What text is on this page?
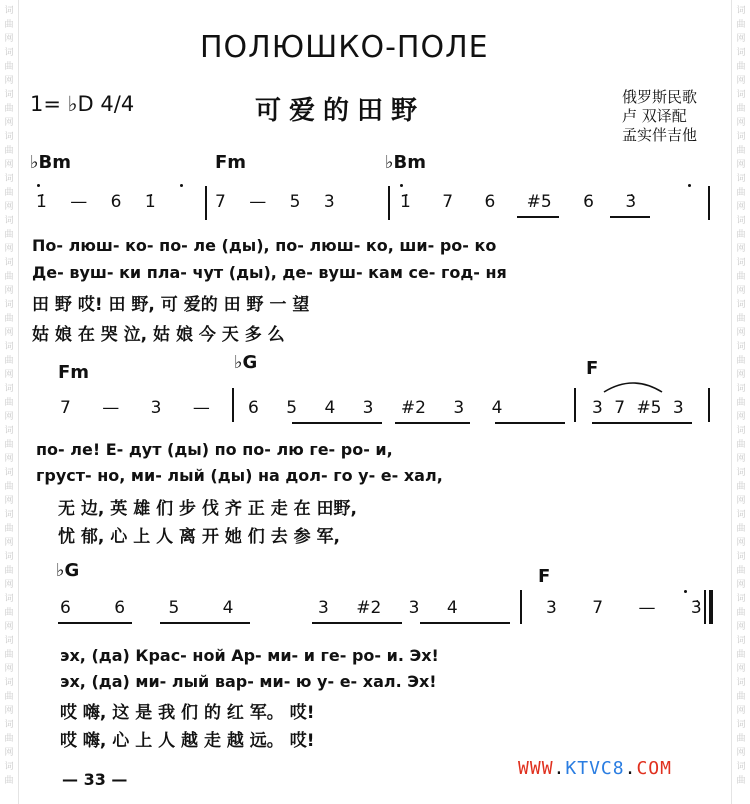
词
曲
网
词
曲
网
词
曲
网
词
曲
网
词
曲
网
词
曲
网
词
曲
网
词
曲
网
词
曲
网
词
曲
网
词
曲
网
词
曲
网
词
曲
网
词
曲
网
词
曲
网
词
曲
网
词
曲
网
词
曲
网
词
曲
词
曲
网
词
曲
网
词
曲
网
词
曲
网
词
曲
网
词
曲
网
词
曲
网
词
曲
网
词
曲
网
词
曲
网
词
曲
网
词
曲
网
词
曲
网
词
曲
网
词
曲
网
词
曲
网
词
曲
网
词
曲
网
词
曲
ПОЛЮШКО-ПОЛЕ
可爱的田野
1= ♭D 4/4	俄罗斯民歌
卢 双译配
孟实伴吉他
♭Bm	Fm	♭Bm
1̇ — 6 1̇	7 — 5 3	1̇ 7 6 #5 6 3̇
По- люш- ко- по- ле (ды), по- люш- ко, ши- ро- ко
Де- вуш- ки пла- чут (ды), де- вуш- кам се- год- ня
田 野 哎! 田 野, 可 爱的 田 野 一 望
姑 娘 在 哭 泣, 姑 娘 今 天 多 么
Fm	♭G	F
7 — 3 — 6 5 4 3 #2 3 4	3 7 #5 3
по- ле! Е- дут (ды) по по- лю ге- ро- и,
груст- но, ми- лый (ды) на дол- го у- е- хал,
无 边, 英 雄 们 步 伐 齐 正 走 在 田野,
忧 郁, 心 上 人 离 开 她 们 去 参 军,
♭G	F
6 6 5 4	3 #2 3 4	3 7 — 3̇
эх, (да) Крас- ной Ар- ми- и ге- ро- и. Эх!
эх, (да) ми- лый вар- ми- ю у- е- хал. Эх!
哎 嗨, 这 是 我 们 的 红 军。 哎!
哎 嗨, 心 上 人 越 走 越 远。 哎!
— 33 —
WWW.KTVC8.COM
